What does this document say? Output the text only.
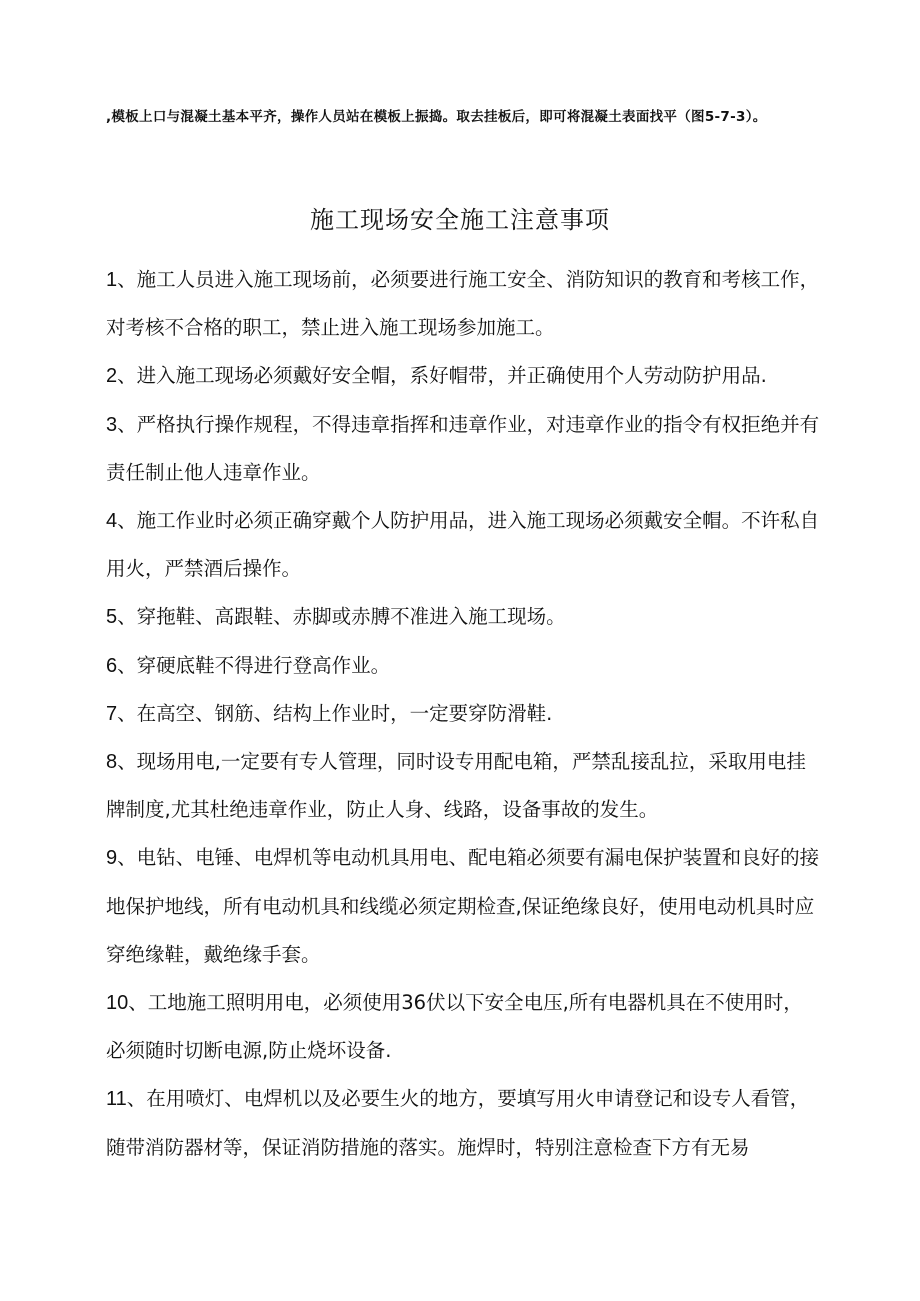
,模板上口与混凝土基本平齐，操作人员站在模板上振捣。取去挂板后，即可将混凝土表面找平（图5-7-3）。
施工现场安全施工注意事项

1、施工人员进入施工现场前，必须要进行施工安全、消防知识的教育和考核工作，对考核不合格的职工，禁止进入施工现场参加施工。

2、进入施工现场必须戴好安全帽，系好帽带，并正确使用个人劳动防护用品.

3、严格执行操作规程，不得违章指挥和违章作业，对违章作业的指令有权拒绝并有责任制止他人违章作业。

4、施工作业时必须正确穿戴个人防护用品，进入施工现场必须戴安全帽。不许私自用火，严禁酒后操作。

5、穿拖鞋、高跟鞋、赤脚或赤膊不准进入施工现场。

6、穿硬底鞋不得进行登高作业。

7、在高空、钢筋、结构上作业时，一定要穿防滑鞋.

8、现场用电,一定要有专人管理，同时设专用配电箱，严禁乱接乱拉，采取用电挂牌制度,尤其杜绝违章作业，防止人身、线路，设备事故的发生。

9、电钻、电锤、电焊机等电动机具用电、配电箱必须要有漏电保护装置和良好的接地保护地线，所有电动机具和线缆必须定期检查,保证绝缘良好，使用电动机具时应穿绝缘鞋，戴绝缘手套。

10、工地施工照明用电，必须使用36伏以下安全电压,所有电器机具在不使用时，必须随时切断电源,防止烧坏设备.

11、在用喷灯、电焊机以及必要生火的地方，要填写用火申请登记和设专人看管，随带消防器材等，保证消防措施的落实。施焊时，特别注意检查下方有无易
